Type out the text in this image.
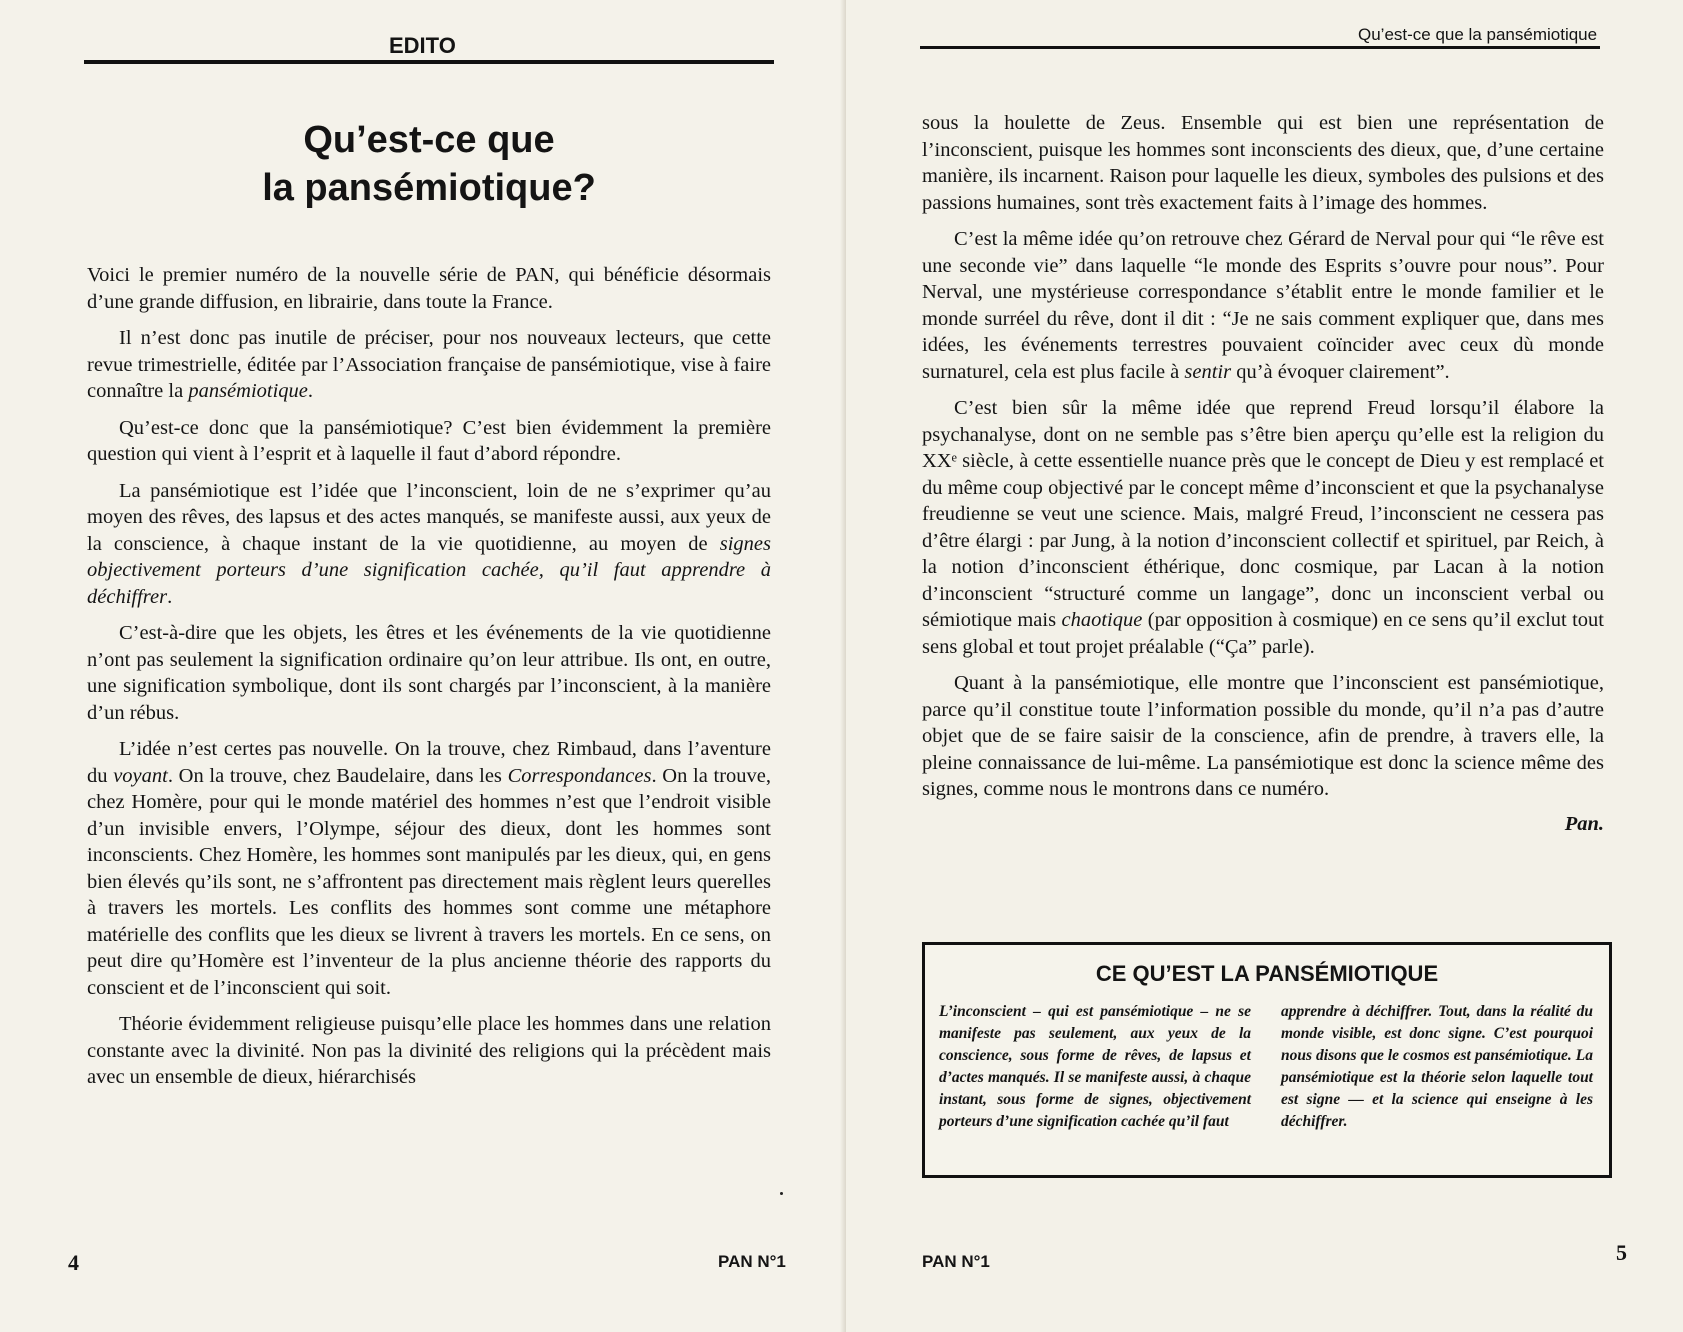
EDITO
Qu’est-ce que
la pansémiotique?

Voici le premier numéro de la nouvelle série de PAN, qui bénéficie désormais d’une grande diffusion, en librairie, dans toute la France.

Il n’est donc pas inutile de préciser, pour nos nouveaux lecteurs, que cette revue trimestrielle, éditée par l’Association française de pansémiotique, vise à faire connaître la pansémiotique.

Qu’est-ce donc que la pansémiotique? C’est bien évidemment la première question qui vient à l’esprit et à laquelle il faut d’abord répondre.

La pansémiotique est l’idée que l’inconscient, loin de ne s’exprimer qu’au moyen des rêves, des lapsus et des actes manqués, se manifeste aussi, aux yeux de la conscience, à chaque instant de la vie quotidienne, au moyen de signes objectivement porteurs d’une signification cachée, qu’il faut apprendre à déchiffrer.

C’est-à-dire que les objets, les êtres et les événements de la vie quotidienne n’ont pas seulement la signification ordinaire qu’on leur attribue. Ils ont, en outre, une signification symbolique, dont ils sont chargés par l’inconscient, à la manière d’un rébus.

L’idée n’est certes pas nouvelle. On la trouve, chez Rimbaud, dans l’aventure du voyant. On la trouve, chez Baudelaire, dans les Correspondances. On la trouve, chez Homère, pour qui le monde matériel des hommes n’est que l’endroit visible d’un invisible envers, l’Olympe, séjour des dieux, dont les hommes sont inconscients. Chez Homère, les hommes sont manipulés par les dieux, qui, en gens bien élevés qu’ils sont, ne s’affrontent pas directement mais règlent leurs querelles à travers les mortels. Les conflits des hommes sont comme une métaphore matérielle des conflits que les dieux se livrent à travers les mortels. En ce sens, on peut dire qu’Homère est l’inventeur de la plus ancienne théorie des rapports du conscient et de l’inconscient qui soit.

Théorie évidemment religieuse puisqu’elle place les hommes dans une relation constante avec la divinité. Non pas la divinité des religions qui la précèdent mais avec un ensemble de dieux, hiérarchisés

4	PAN N°1
Qu’est-ce que la pansémiotique

sous la houlette de Zeus. Ensemble qui est bien une représentation de l’inconscient, puisque les hommes sont inconscients des dieux, que, d’une certaine manière, ils incarnent. Raison pour laquelle les dieux, symboles des pulsions et des passions humaines, sont très exactement faits à l’image des hommes.

C’est la même idée qu’on retrouve chez Gérard de Nerval pour qui “le rêve est une seconde vie” dans laquelle “le monde des Esprits s’ouvre pour nous”. Pour Nerval, une mystérieuse correspondance s’établit entre le monde familier et le monde surréel du rêve, dont il dit : “Je ne sais comment expliquer que, dans mes idées, les événements terrestres pouvaient coïncider avec ceux dù monde surnaturel, cela est plus facile à sentir qu’à évoquer clairement”.

C’est bien sûr la même idée que reprend Freud lorsqu’il élabore la psychanalyse, dont on ne semble pas s’être bien aperçu qu’elle est la religion du XXᵉ siècle, à cette essentielle nuance près que le concept de Dieu y est remplacé et du même coup objectivé par le concept même d’inconscient et que la psychanalyse freudienne se veut une science. Mais, malgré Freud, l’inconscient ne cessera pas d’être élargi : par Jung, à la notion d’inconscient collectif et spirituel, par Reich, à la notion d’inconscient éthérique, donc cosmique, par Lacan à la notion d’inconscient “structuré comme un langage”, donc un inconscient verbal ou sémiotique mais chaotique (par opposition à cosmique) en ce sens qu’il exclut tout sens global et tout projet préalable (“Ça” parle).

Quant à la pansémiotique, elle montre que l’inconscient est pansémiotique, parce qu’il constitue toute l’information possible du monde, qu’il n’a pas d’autre objet que de se faire saisir de la conscience, afin de prendre, à travers elle, la pleine connaissance de lui-même. La pansémiotique est donc la science même des signes, comme nous le montrons dans ce numéro.

Pan.
5
PAN N°1
CE QU’EST LA PANSÉMIOTIQUE
L’inconscient – qui est pansémiotique – ne se manifeste pas seulement, aux yeux de la conscience, sous forme de rêves, de lapsus et d’actes manqués. Il se manifeste aussi, à chaque instant, sous forme de signes, objectivement porteurs d’une signification cachée qu’il faut
apprendre à déchiffrer. Tout, dans la réalité du monde visible, est donc signe. C’est pourquoi nous disons que le cosmos est pansémiotique. La pansémiotique est la théorie selon laquelle tout est signe — et la science qui enseigne à les déchiffrer.
